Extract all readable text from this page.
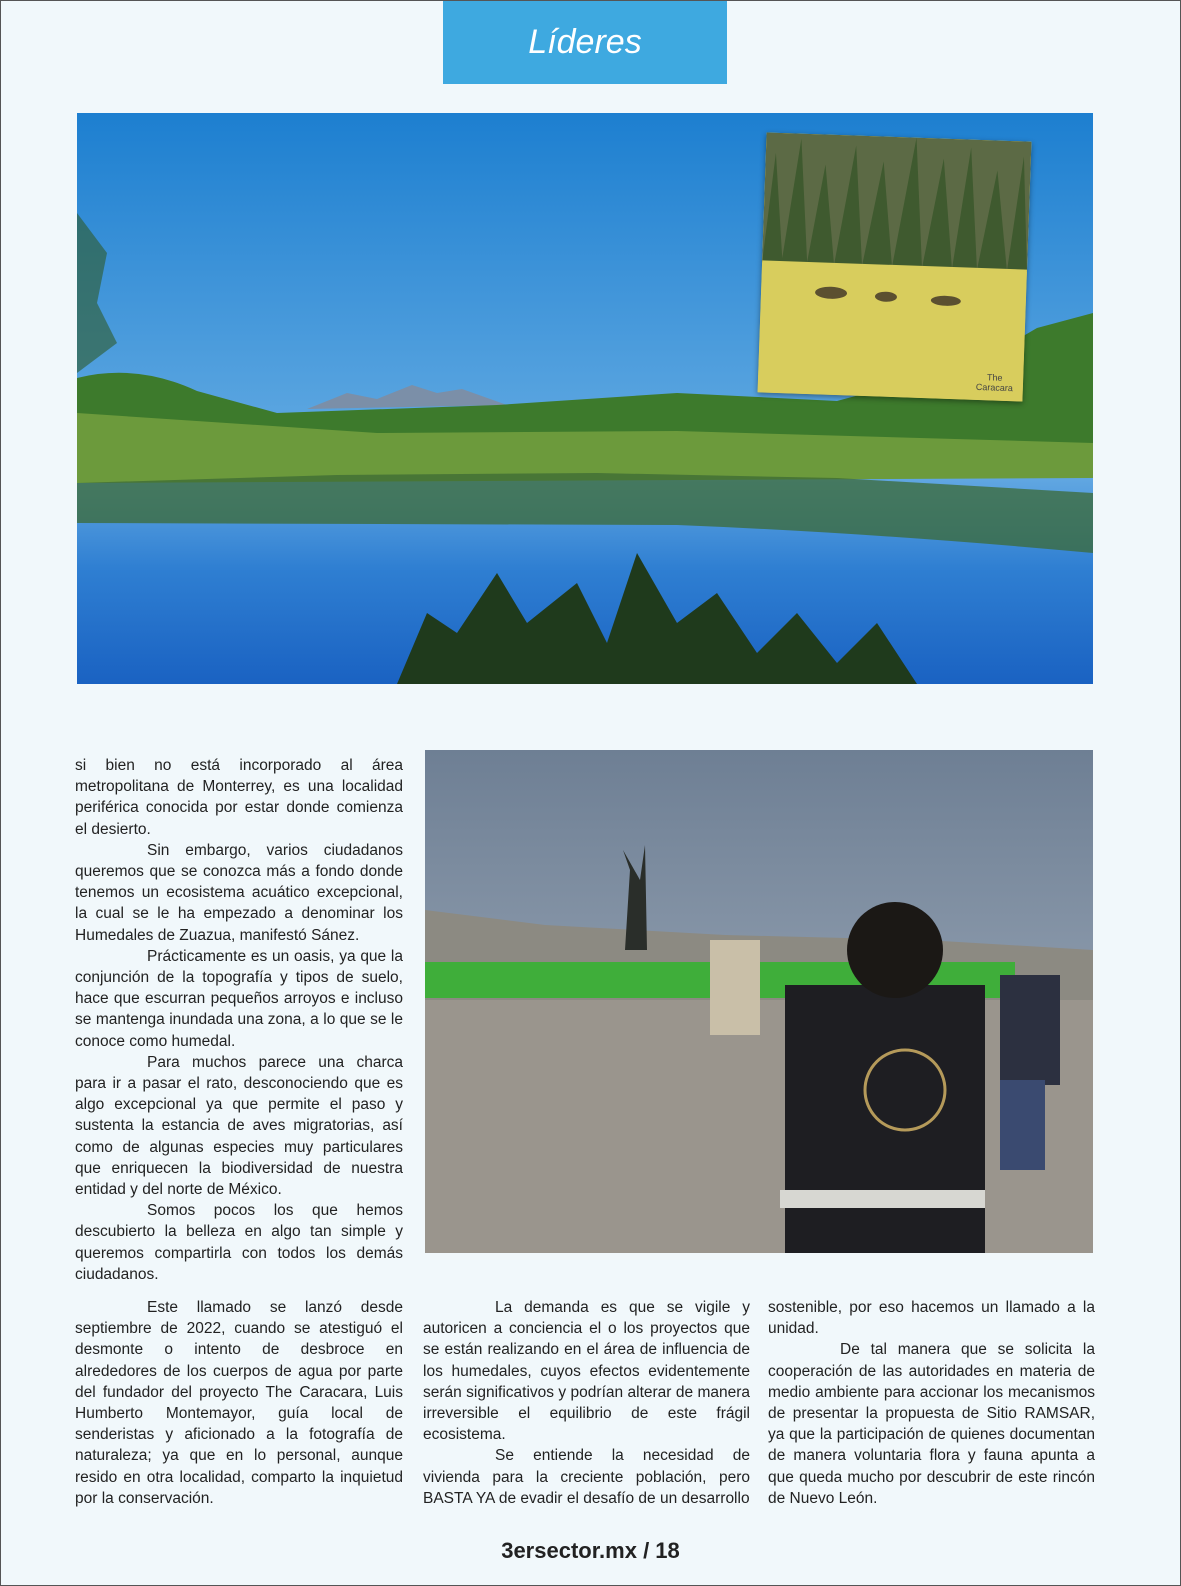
Líderes
The
Caracara

si bien no está incorporado al área metropolitana de Monterrey, es una localidad periférica conocida por estar donde comienza el desierto.

Sin embargo, varios ciudadanos queremos que se conozca más a fondo donde tenemos un ecosistema acuático excepcional, la cual se le ha empezado a denominar los Humedales de Zuazua, manifestó Sánez.

Prácticamente es un oasis, ya que la conjunción de la topografía y tipos de suelo, hace que escurran pequeños arroyos e incluso se mantenga inundada una zona, a lo que se le conoce como humedal.

Para muchos parece una charca para ir a pasar el rato, desconociendo que es algo excepcional ya que permite el paso y sustenta la estancia de aves migratorias, así como de algunas especies muy particulares que enriquecen la biodiversidad de nuestra entidad y del norte de México.

Somos pocos los que hemos descubierto la belleza en algo tan simple y queremos compartirla con todos los demás ciudadanos.

Este llamado se lanzó desde septiembre de 2022, cuando se atestiguó el desmonte o intento de desbroce en alrededores de los cuerpos de agua por parte del fundador del proyecto The Caracara, Luis Humberto Montemayor, guía local de senderistas y aficionado a la fotografía de naturaleza; ya que en lo personal, aunque resido en otra localidad, comparto la inquietud por la conservación.

La demanda es que se vigile y autoricen a conciencia el o los proyectos que se están realizando en el área de influencia de los humedales, cuyos efectos evidentemente serán significativos y podrían alterar de manera irreversible el equilibrio de este frágil ecosistema.

Se entiende la necesidad de vivienda para la creciente población, pero BASTA YA de evadir el desafío de un desarrollo

sostenible, por eso hacemos un llamado a la unidad.

De tal manera que se solicita la cooperación de las autoridades en materia de medio ambiente para accionar los mecanismos de presentar la propuesta de Sitio RAMSAR, ya que la participación de quienes documentan de manera voluntaria flora y fauna apunta a que queda mucho por descubrir de este rincón de Nuevo León.

3ersector.mx / 18
